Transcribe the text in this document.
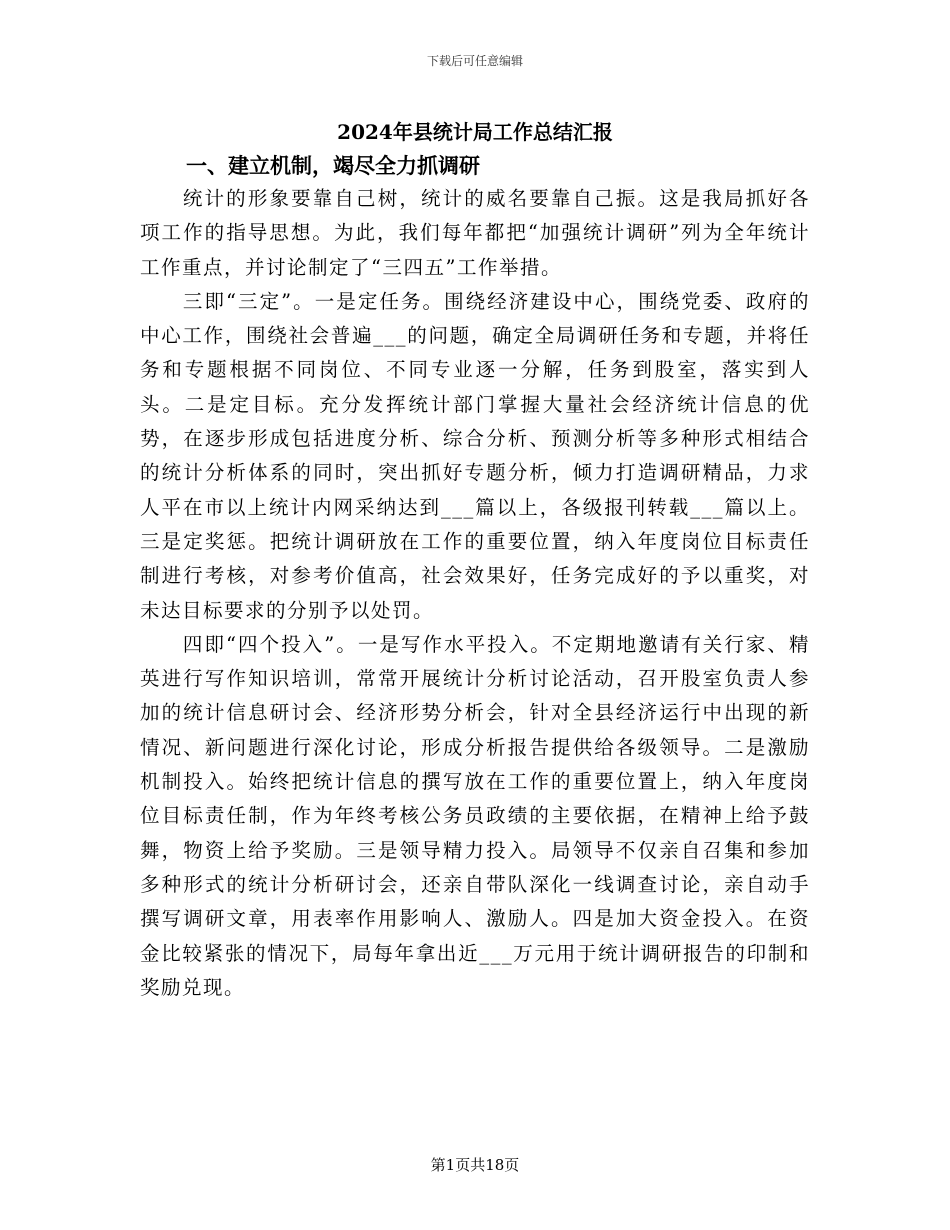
下载后可任意编辑
2024年县统计局工作总结汇报
一、建立机制，竭尽全力抓调研

统计的形象要靠自己树，统计的威名要靠自己振。这是我局抓好各项工作的指导思想。为此，我们每年都把“加强统计调研”列为全年统计工作重点，并讨论制定了“三四五”工作举措。

三即“三定”。一是定任务。围绕经济建设中心，围绕党委、政府的中心工作，围绕社会普遍___的问题，确定全局调研任务和专题，并将任务和专题根据不同岗位、不同专业逐一分解，任务到股室，落实到人头。二是定目标。充分发挥统计部门掌握大量社会经济统计信息的优势，在逐步形成包括进度分析、综合分析、预测分析等多种形式相结合的统计分析体系的同时，突出抓好专题分析，倾力打造调研精品，力求人平在市以上统计内网采纳达到___篇以上，各级报刊转载___篇以上。三是定奖惩。把统计调研放在工作的重要位置，纳入年度岗位目标责任制进行考核，对参考价值高，社会效果好，任务完成好的予以重奖，对未达目标要求的分别予以处罚。

四即“四个投入”。一是写作水平投入。不定期地邀请有关行家、精英进行写作知识培训，常常开展统计分析讨论活动，召开股室负责人参加的统计信息研讨会、经济形势分析会，针对全县经济运行中出现的新情况、新问题进行深化讨论，形成分析报告提供给各级领导。二是激励机制投入。始终把统计信息的撰写放在工作的重要位置上，纳入年度岗位目标责任制，作为年终考核公务员政绩的主要依据，在精神上给予鼓舞，物资上给予奖励。三是领导精力投入。局领导不仅亲自召集和参加多种形式的统计分析研讨会，还亲自带队深化一线调查讨论，亲自动手撰写调研文章，用表率作用影响人、激励人。四是加大资金投入。在资金比较紧张的情况下，局每年拿出近___万元用于统计调研报告的印制和奖励兑现。

第1页共18页
